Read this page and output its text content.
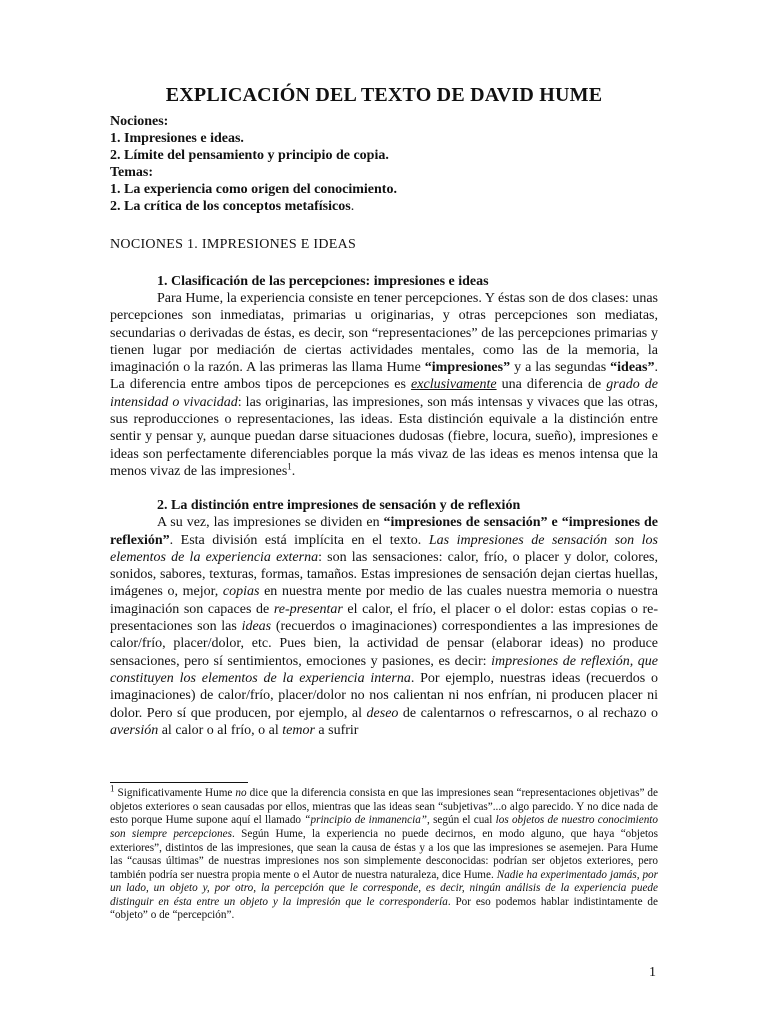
EXPLICACIÓN DEL TEXTO DE DAVID HUME

Nociones:

1. Impresiones e ideas.

2. Límite del pensamiento y principio de copia.

Temas:

1. La experiencia como origen del conocimiento.

2. La crítica de los conceptos metafísicos.

NOCIONES 1. IMPRESIONES E IDEAS

1. Clasificación de las percepciones: impresiones e ideas

Para Hume, la experiencia consiste en tener percepciones. Y éstas son de dos clases: unas percepciones son inmediatas, primarias u originarias, y otras percepciones son mediatas, secundarias o derivadas de éstas, es decir, son “representaciones” de las percepciones primarias y tienen lugar por mediación de ciertas actividades mentales, como las de la memoria, la imaginación o la razón. A las primeras las llama Hume “impresiones” y a las segundas “ideas”. La diferencia entre ambos tipos de percepciones es exclusivamente una diferencia de grado de intensidad o vivacidad: las originarias, las impresiones, son más intensas y vivaces que las otras, sus reproducciones o representaciones, las ideas. Esta distinción equivale a la distinción entre sentir y pensar y, aunque puedan darse situaciones dudosas (fiebre, locura, sueño), impresiones e ideas son perfectamente diferenciables porque la más vivaz de las ideas es menos intensa que la menos vivaz de las impresiones$^1$.

2. La distinción entre impresiones de sensación y de reflexión

A su vez, las impresiones se dividen en “impresiones de sensación” e “impresiones de reflexión”. Esta división está implícita en el texto. Las impresiones de sensación son los elementos de la experiencia externa: son las sensaciones: calor, frío, o placer y dolor, colores, sonidos, sabores, texturas, formas, tamaños. Estas impresiones de sensación dejan ciertas huellas, imágenes o, mejor, copias en nuestra mente por medio de las cuales nuestra memoria o nuestra imaginación son capaces de re-presentar el calor, el frío, el placer o el dolor: estas copias o re-presentaciones son las ideas (recuerdos o imaginaciones) correspondientes a las impresiones de calor/frío, placer/dolor, etc. Pues bien, la actividad de pensar (elaborar ideas) no produce sensaciones, pero sí sentimientos, emociones y pasiones, es decir: impresiones de reflexión, que constituyen los elementos de la experiencia interna. Por ejemplo, nuestras ideas (recuerdos o imaginaciones) de calor/frío, placer/dolor no nos calientan ni nos enfrían, ni producen placer ni dolor. Pero sí que producen, por ejemplo, al deseo de calentarnos o refrescarnos, o al rechazo o aversión al calor o al frío, o al temor a sufrir

$^1$ Significativamente Hume no dice que la diferencia consista en que las impresiones sean “representaciones objetivas” de objetos exteriores o sean causadas por ellos, mientras que las ideas sean “subjetivas”...o algo parecido. Y no dice nada de esto porque Hume supone aquí el llamado “principio de inmanencia”, según el cual los objetos de nuestro conocimiento son siempre percepciones. Según Hume, la experiencia no puede decirnos, en modo alguno, que haya “objetos exteriores”, distintos de las impresiones, que sean la causa de éstas y a los que las impresiones se asemejen. Para Hume las “causas últimas” de nuestras impresiones nos son simplemente desconocidas: podrían ser objetos exteriores, pero también podría ser nuestra propia mente o el Autor de nuestra naturaleza, dice Hume. Nadie ha experimentado jamás, por un lado, un objeto y, por otro, la percepción que le corresponde, es decir, ningún análisis de la experiencia puede distinguir en ésta entre un objeto y la impresión que le correspondería. Por eso podemos hablar indistintamente de “objeto” o de “percepción”.

1
